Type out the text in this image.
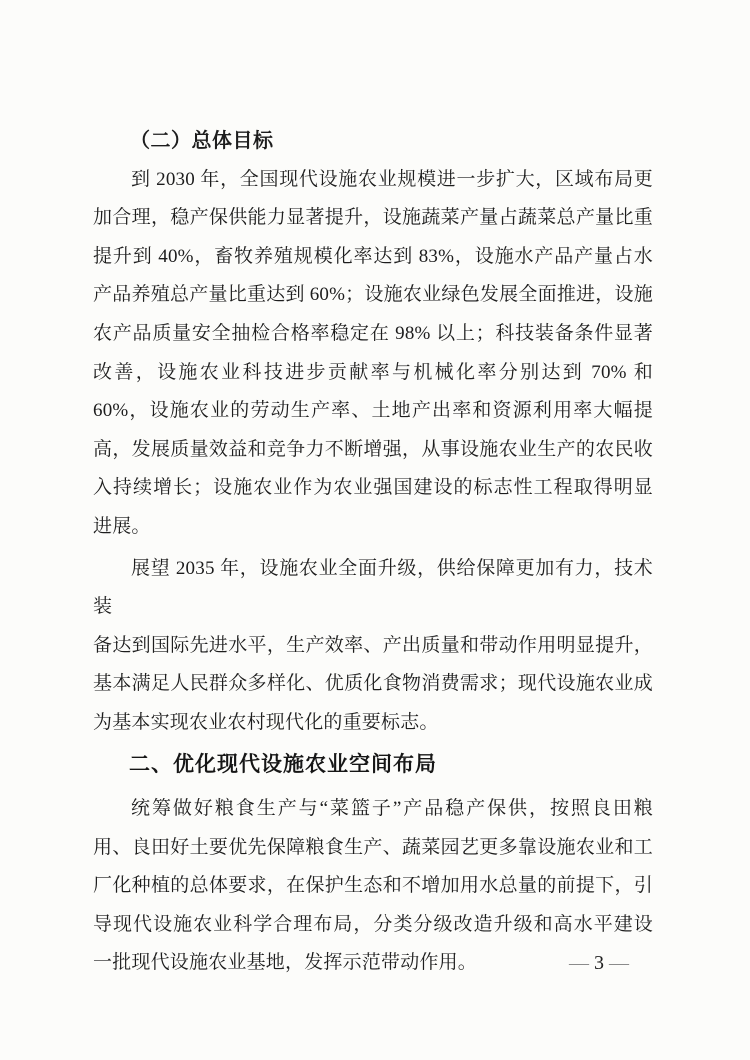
（二）总体目标
到 2030 年，全国现代设施农业规模进一步扩大，区域布局更
加合理，稳产保供能力显著提升，设施蔬菜产量占蔬菜总产量比重
提升到 40%，畜牧养殖规模化率达到 83%，设施水产品产量占水
产品养殖总产量比重达到 60%；设施农业绿色发展全面推进，设施
农产品质量安全抽检合格率稳定在 98% 以上；科技装备条件显著
改善，设施农业科技进步贡献率与机械化率分别达到 70% 和
60%，设施农业的劳动生产率、土地产出率和资源利用率大幅提
高，发展质量效益和竞争力不断增强，从事设施农业生产的农民收
入持续增长；设施农业作为农业强国建设的标志性工程取得明显
进展。
展望 2035 年，设施农业全面升级，供给保障更加有力，技术装
备达到国际先进水平，生产效率、产出质量和带动作用明显提升，
基本满足人民群众多样化、优质化食物消费需求；现代设施农业成
为基本实现农业农村现代化的重要标志。
二、优化现代设施农业空间布局
统筹做好粮食生产与“菜篮子”产品稳产保供，按照良田粮
用、良田好土要优先保障粮食生产、蔬菜园艺更多靠设施农业和工
厂化种植的总体要求，在保护生态和不增加用水总量的前提下，引
导现代设施农业科学合理布局，分类分级改造升级和高水平建设
一批现代设施农业基地，发挥示范带动作用。	— 3 —
